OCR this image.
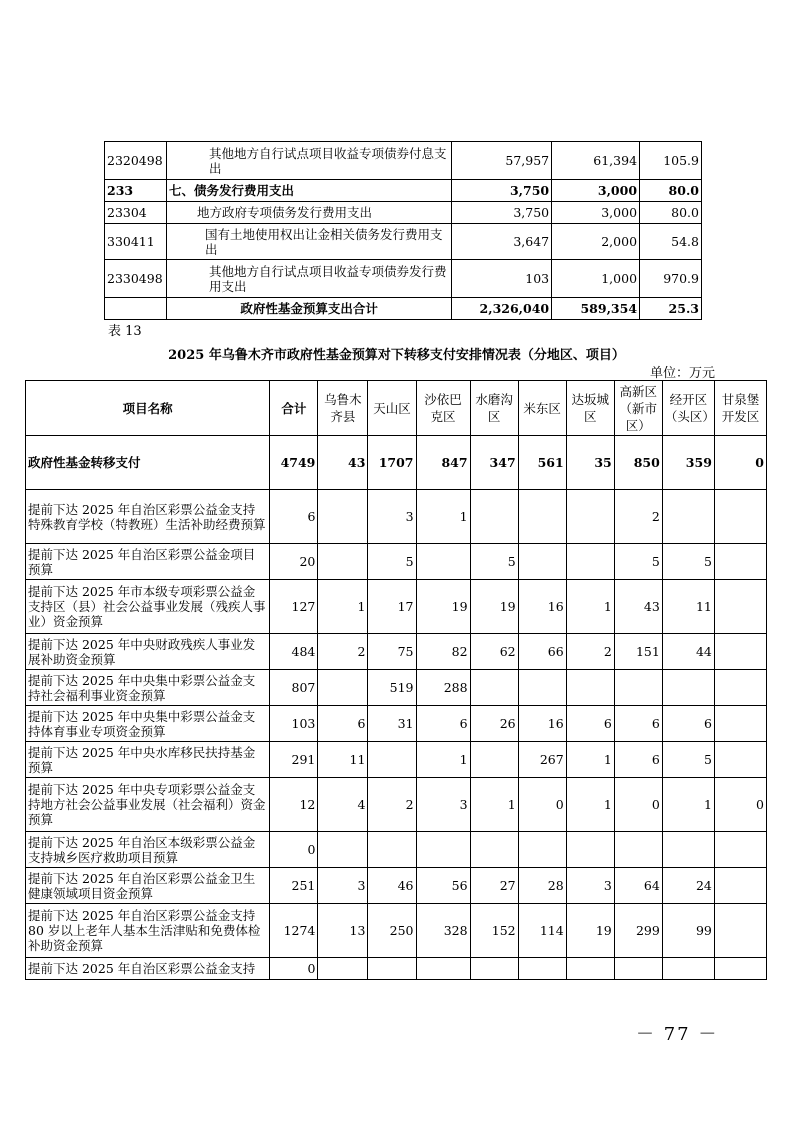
2320498	其他地方自行试点项目收益专项债券付息支出	57,957	61,394	105.9
233	七、债务发行费用支出	3,750	3,000	80.0
23304	地方政府专项债务发行费用支出	3,750	3,000	80.0
330411	国有土地使用权出让金相关债务发行费用支出	3,647	2,000	54.8
2330498	其他地方自行试点项目收益专项债券发行费用支出	103	1,000	970.9
	政府性基金预算支出合计	2,326,040	589,354	25.3
表 13
2025 年乌鲁木齐市政府性基金预算对下转移支付安排情况表（分地区、项目）
单位：万元
项目名称	合计	乌鲁木齐县	天山区	沙依巴克区	水磨沟区	米东区	达坂城区	高新区（新市区）	经开区（头区）	甘泉堡开发区
政府性基金转移支付	4749	43	1707	847	347	561	35	850	359	0
提前下达 2025 年自治区彩票公益金支持特殊教育学校（特教班）生活补助经费预算	6		3	1				2		
提前下达 2025 年自治区彩票公益金项目预算	20		5		5			5	5	
提前下达 2025 年市本级专项彩票公益金支持区（县）社会公益事业发展（残疾人事业）资金预算	127	1	17	19	19	16	1	43	11	
提前下达 2025 年中央财政残疾人事业发展补助资金预算	484	2	75	82	62	66	2	151	44	
提前下达 2025 年中央集中彩票公益金支持社会福利事业资金预算	807		519	288						
提前下达 2025 年中央集中彩票公益金支持体育事业专项资金预算	103	6	31	6	26	16	6	6	6	
提前下达 2025 年中央水库移民扶持基金预算	291	11		1		267	1	6	5	
提前下达 2025 年中央专项彩票公益金支持地方社会公益事业发展（社会福利）资金预算	12	4	2	3	1	0	1	0	1	0
提前下达 2025 年自治区本级彩票公益金支持城乡医疗救助项目预算	0									
提前下达 2025 年自治区彩票公益金卫生健康领域项目资金预算	251	3	46	56	27	28	3	64	24	
提前下达 2025 年自治区彩票公益金支持 80 岁以上老年人基本生活津贴和免费体检补助资金预算	1274	13	250	328	152	114	19	299	99	
提前下达 2025 年自治区彩票公益金支持	0									
－ 77 －
